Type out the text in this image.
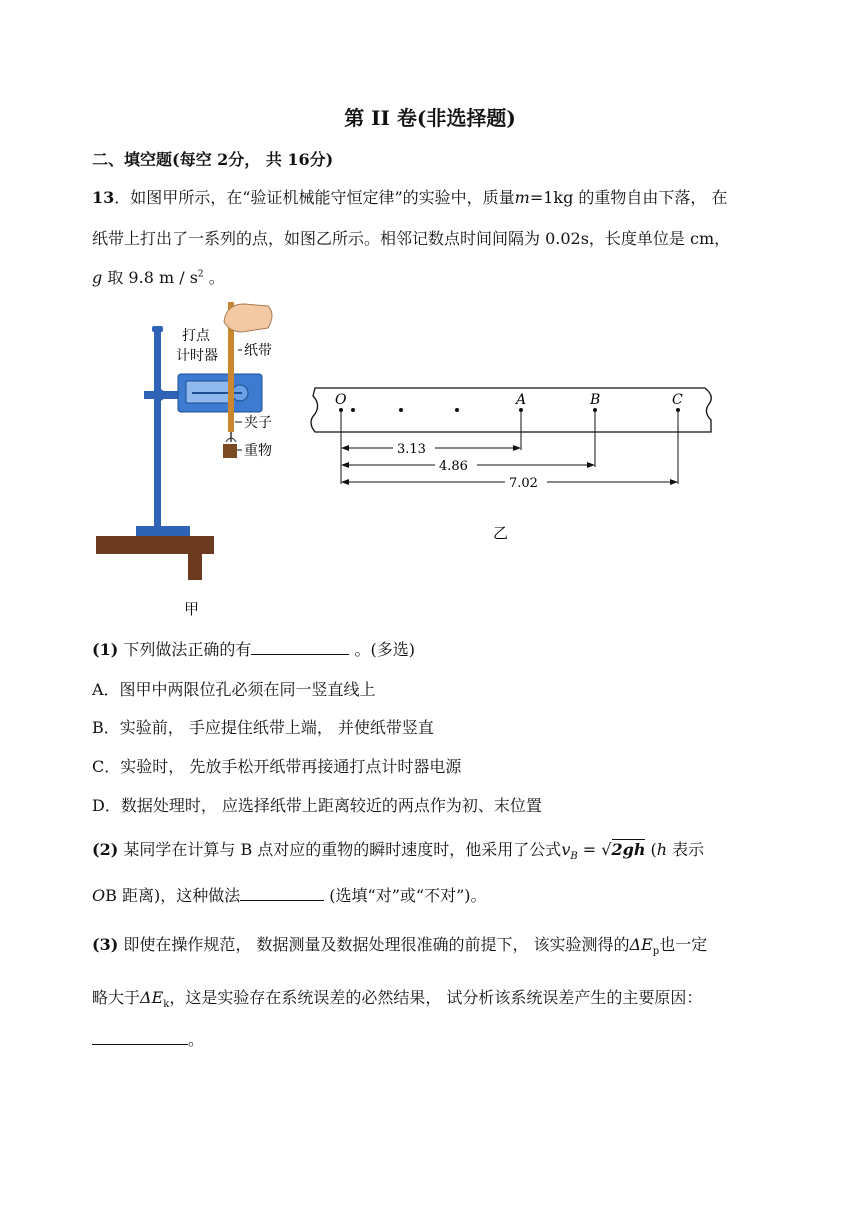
第 II 卷(非选择题)
二、填空题(每空 2分， 共 16分)
13．如图甲所示，在“验证机械能守恒定律”的实验中，质量m=1kg 的重物自由下落， 在
纸带上打出了一系列的点，如图乙所示。相邻记数点时间间隔为 0.02s，长度单位是 cm，
g 取 9.8 m / $s^2$ 。
打点
计时器 纸带
夹子
重物
甲
O	A	B	C
3.13
4.86
7.02
乙
(1) 下列做法正确的有	。(多选)
A．图甲中两限位孔必须在同一竖直线上
B．实验前， 手应提住纸带上端， 并使纸带竖直
C．实验时， 先放手松开纸带再接通打点计时器电源
D．数据处理时， 应选择纸带上距离较近的两点作为初、末位置
(2) 某同学在计算与 B 点对应的重物的瞬时速度时，他采用了公式$v_B = √2gh$ (h 表示
OB 距离)，这种做法	(选填“对”或“不对”)。
(3) 即使在操作规范， 数据测量及数据处理很准确的前提下， 该实验测得的$\Delta E_p$也一定
略大于$\Delta E_k$，这是实验存在系统误差的必然结果， 试分析该系统误差产生的主要原因：
。
